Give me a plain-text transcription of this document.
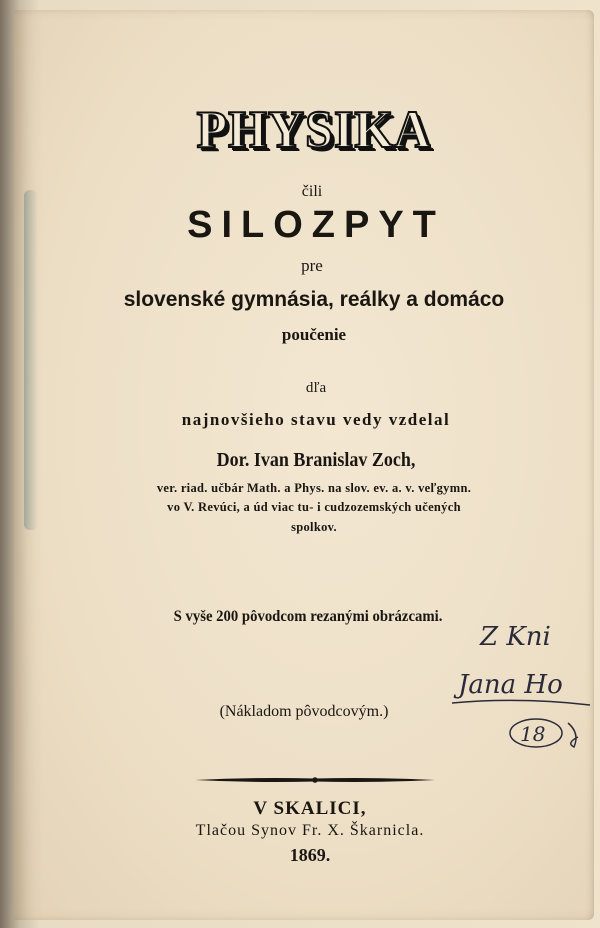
PHYSIKA
čili
SILOZPYT
pre
slovenské gymnásia, reálky a domáco
poučenie
dľa
najnovšieho stavu vedy vzdelal
Dor. Ivan Branislav Zoch,
ver. riad. učbár Math. a Phys. na slov. ev. a. v. veľgymn.
vo V. Revúci, a úd viac tu- i cudzozemských učených
spolkov.
S vyše 200 pôvodcom rezanými obrázcami.
(Nákladom pôvodcovým.)
V SKALICI,
Tlačou Synov Fr. X. Škarnicla.
1869.
Z Kni
Jana Ho
18
